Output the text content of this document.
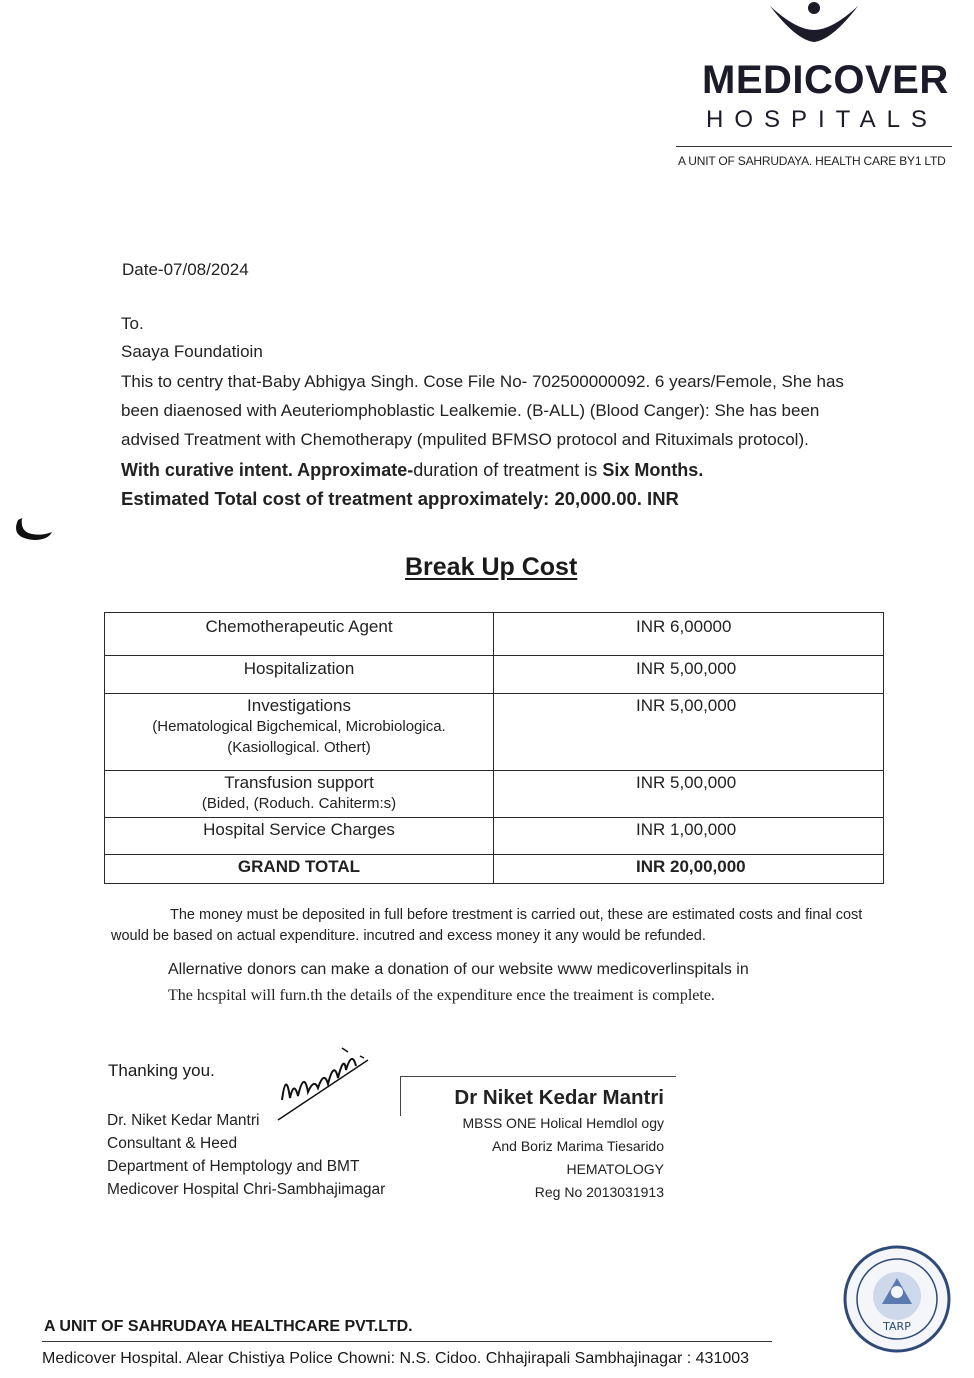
MEDICOVER
HOSPITALS
A UNIT OF SAHRUDAYA. HEALTH CARE BY1 LTD
Date-07/08/2024
To.
Saaya Foundatioin
This to centry that-Baby Abhigya Singh. Cose File No- 702500000092. 6 years/Femole, She has
been diaenosed with Aeuteriomphoblastic Lealkemie. (B-ALL) (Blood Canger): She has been
advised Treatment with Chemotherapy (mpulited BFMSO protocol and Rituximals protocol).
With curative intent. Approximate-duration of treatment is Six Months.
Estimated Total cost of treatment approximately: 20,000.00. INR
Break Up Cost
Chemotherapeutic Agent	INR 6,00000
Hospitalization	INR 5,00,000

Investigations
(Hematological Bigchemical, Microbiologica.
(Kasiollogical. Othert)	INR 5,00,000

Transfusion support
(Bided, (Roduch. Cahiterm:s)	INR 5,00,000
Hospital Service Charges	INR 1,00,000
GRAND TOTAL	INR 20,00,000
The money must be deposited in full before trestment is carried out, these are estimated costs and final cost
would be based on actual expenditure. incutred and excess money it any would be refunded.
Allernative donors can make a donation of our website www medicoverlinspitals in
The hcspital will furn.th the details of the expenditure ence the treaiment is complete.
Thanking you.
Dr. Niket Kedar Mantri
Consultant & Heed
Department of Hemptology and BMT
Medicover Hospital Chri-Sambhajimagar
Dr Niket Kedar Mantri
MBSS ONE Holical Hemdlol ogy
And Boriz Marima Tiesarido
HEMATOLOGY
Reg No 2013031913
TARP
A UNIT OF SAHRUDAYA HEALTHCARE PVT.LTD.
Medicover Hospital. Alear Chistiya Police Chowni: N.S. Cidoo. Chhajirapali Sambhajinagar : 431003
